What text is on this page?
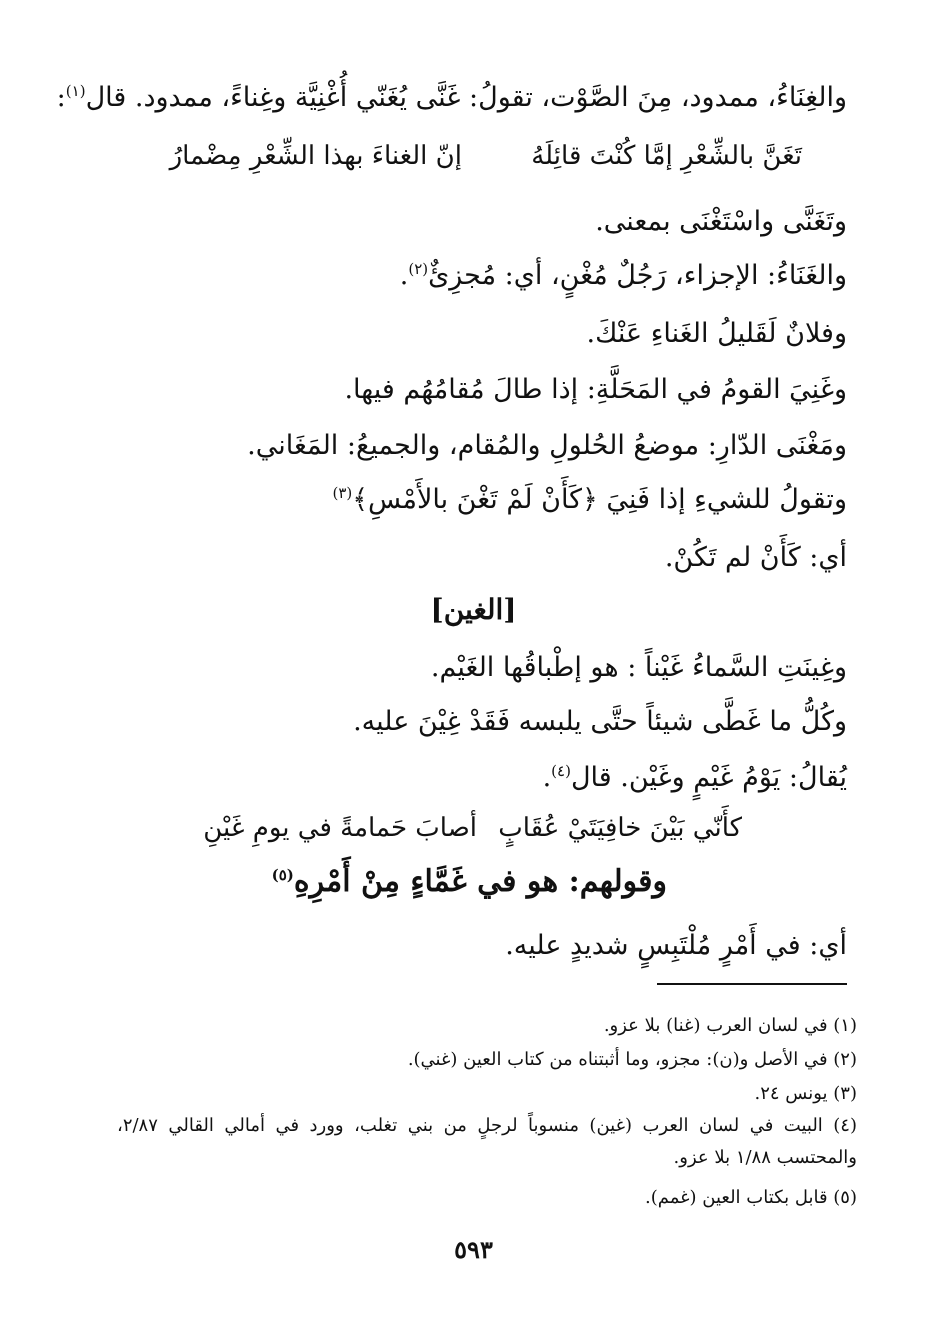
والغِنَاءُ، ممدود، مِنَ الصَّوْت، تقولُ: غَنَّى يُغَنّي أُغْنِيَّة وغِناءً، ممدود. قال$^{(١)}$:
تَغَنَّ بالشِّعْرِ إمَّا كُنْتَ قائِلَهُ
إنّ الغناءَ بهذا الشِّعْرِ مِضْمارُ
وتَغَنَّى واسْتَغْنَى بمعنى.
والغَنَاءُ: الإجزاء، رَجُلٌ مُغْنٍ، أي: مُجزِئٌ$^{(٢)}$.
وفلانٌ لَقَليلُ الغَناءِ عَنْكَ.
وغَنِيَ القومُ في المَحَلَّةِ: إذا طالَ مُقامُهُم فيها.
ومَغْنَى الدّارِ: موضعُ الحُلولِ والمُقام، والجميعُ: المَغَاني.
وتقولُ للشيءِ إذا فَنِيَ ﴿كَأَنْ لَمْ تَغْنَ بالأَمْسِ﴾$^{(٣)}$
أي: كَأَنْ لم تَكُنْ.
[الغين]
وغِينَتِ السَّماءُ غَيْناً : هو إطْباقُها الغَيْم.
وكُلُّ ما غَطَّى شيئاً حتَّى يلبسه فَقَدْ غِيْنَ عليه.
يُقالُ: يَوْمُ غَيْمٍ وغَيْن. قال$^{(٤)}$.
كأَنّي بَيْنَ خافِيَتَيْ عُقَابٍ
أصابَ حَمامةً في يومِ غَيْنِ
وقولهم: هو في غَمَّاءٍ مِنْ أَمْرِهِ$^{(٥)}$
أي: في أَمْرٍ مُلْتَبِسٍ شديدٍ عليه.
(١) في لسان العرب (غنا) بلا عزو.
(٢) في الأصل و(ن): مجزو، وما أثبتناه من كتاب العين (غني).
(٣) يونس ٢٤.
(٤) البيت في لسان العرب (غين) منسوباً لرجلٍ من بني تغلب، وورد في أمالي القالي ٢/٨٧، والمحتسب ١/٨٨ بلا عزو.
(٥) قابل بكتاب العين (غمم).
٥٩٣
